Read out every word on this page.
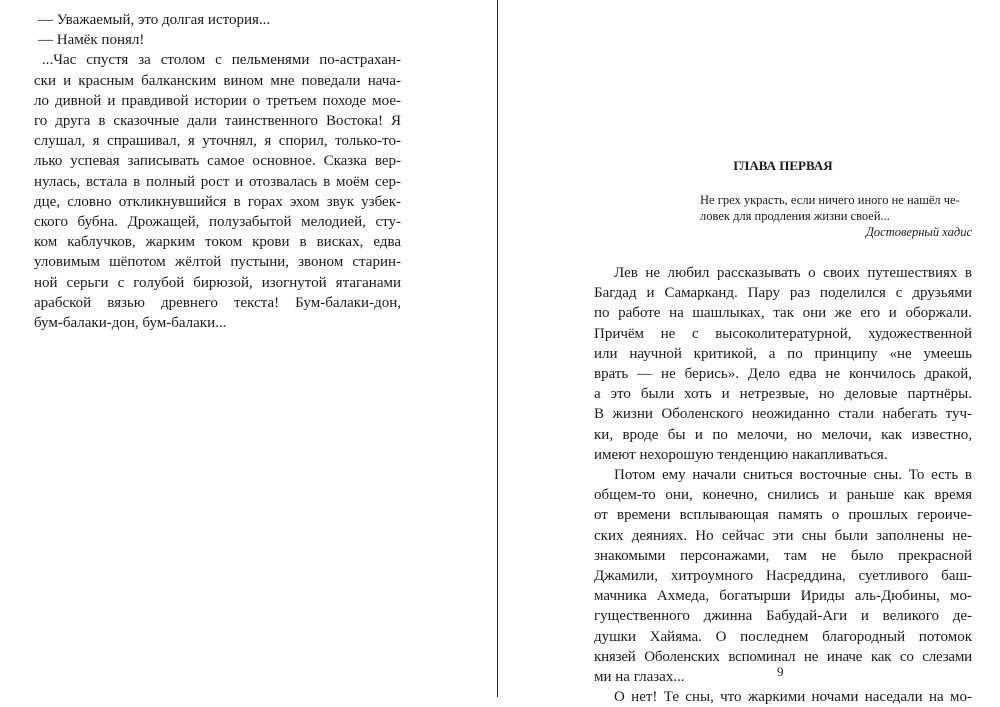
— Уважаемый, это долгая история...
— Намёк понял!
...Час спустя за столом с пельменями по-астрахан-
ски и красным балканским вином мне поведали нача-
ло дивной и правдивой истории о третьем походе мое-
го друга в сказочные дали таинственного Востока! Я
слушал, я спрашивал, я уточнял, я спорил, только-то-
лько успевая записывать самое основное. Сказка вер-
нулась, встала в полный рост и отозвалась в моём сер-
дце, словно откликнувшийся в горах эхом звук узбек-
ского бубна. Дрожащей, полузабытой мелодией, сту-
ком каблучков, жарким током крови в висках, едва
уловимым шёпотом жёлтой пустыни, звоном старин-
ной серьги с голубой бирюзой, изогнутой ятаганами
арабской вязью древнего текста! Бум-балаки-дон,
бум-балаки-дон, бум-балаки...
ГЛАВА ПЕРВАЯ
Не грех украсть, если ничего иного не нашёл че-
ловек для продления жизни своей...
Достоверный хадис
Лев не любил рассказывать о своих путешествиях в
Багдад и Самарканд. Пару раз поделился с друзьями
по работе на шашлыках, так они же его и оборжали.
Причём не с высоколитературной, художественной
или научной критикой, а по принципу «не умеешь
врать — не берись». Дело едва не кончилось дракой,
а это были хоть и нетрезвые, но деловые партнёры.
В жизни Оболенского неожиданно стали набегать туч-
ки, вроде бы и по мелочи, но мелочи, как известно,
имеют нехорошую тенденцию накапливаться.
Потом ему начали сниться восточные сны. То есть в
общем-то они, конечно, снились и раньше как время
от времени всплывающая память о прошлых героиче-
ских деяниях. Но сейчас эти сны были заполнены не-
знакомыми персонажами, там не было прекрасной
Джамили, хитроумного Насреддина, суетливого баш-
мачника Ахмеда, богатырши Ириды аль-Дюбины, мо-
гущественного джинна Бабудай-Аги и великого де-
душки Хайяма. О последнем благородный потомок
князей Оболенских вспоминал не иначе как со слезами
ми на глазах...
О нет! Те сны, что жаркими ночами наседали на мо-
9
